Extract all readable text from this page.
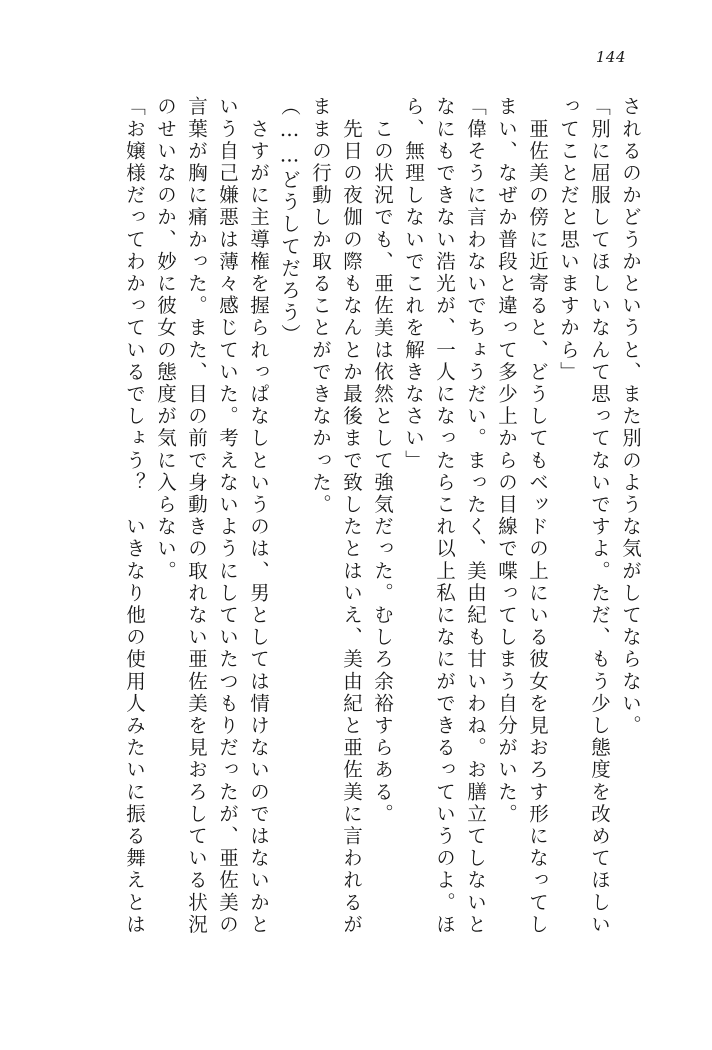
144
されるのかどうかというと、また別のような気がしてならない。
「別に屈服してほしいなんて思ってないですよ。ただ、もう少し態度を改めてほしい
ってことだと思いますから」
　亜佐美の傍に近寄ると、どうしてもベッドの上にいる彼女を見おろす形になってし
まい、なぜか普段と違って多少上からの目線で喋ってしまう自分がいた。
「偉そうに言わないでちょうだい。まったく、美由紀も甘いわね。お膳立てしないと
なにもできない浩光が、一人になったらこれ以上私になにができるっていうのよ。ほ
ら、無理しないでこれを解きなさい」
　この状況でも、亜佐美は依然として強気だった。むしろ余裕すらある。
　先日の夜伽の際もなんとか最後まで致したとはいえ、美由紀と亜佐美に言われるが
ままの行動しか取ることができなかった。
（……どうしてだろう）
　さすがに主導権を握られっぱなしというのは、男としては情けないのではないかと
いう自己嫌悪は薄々感じていた。考えないようにしていたつもりだったが、亜佐美の
言葉が胸に痛かった。また、目の前で身動きの取れない亜佐美を見おろしている状況
のせいなのか、妙に彼女の態度が気に入らない。
「お嬢様だってわかっているでしょう？　いきなり他の使用人みたいに振る舞えとは
